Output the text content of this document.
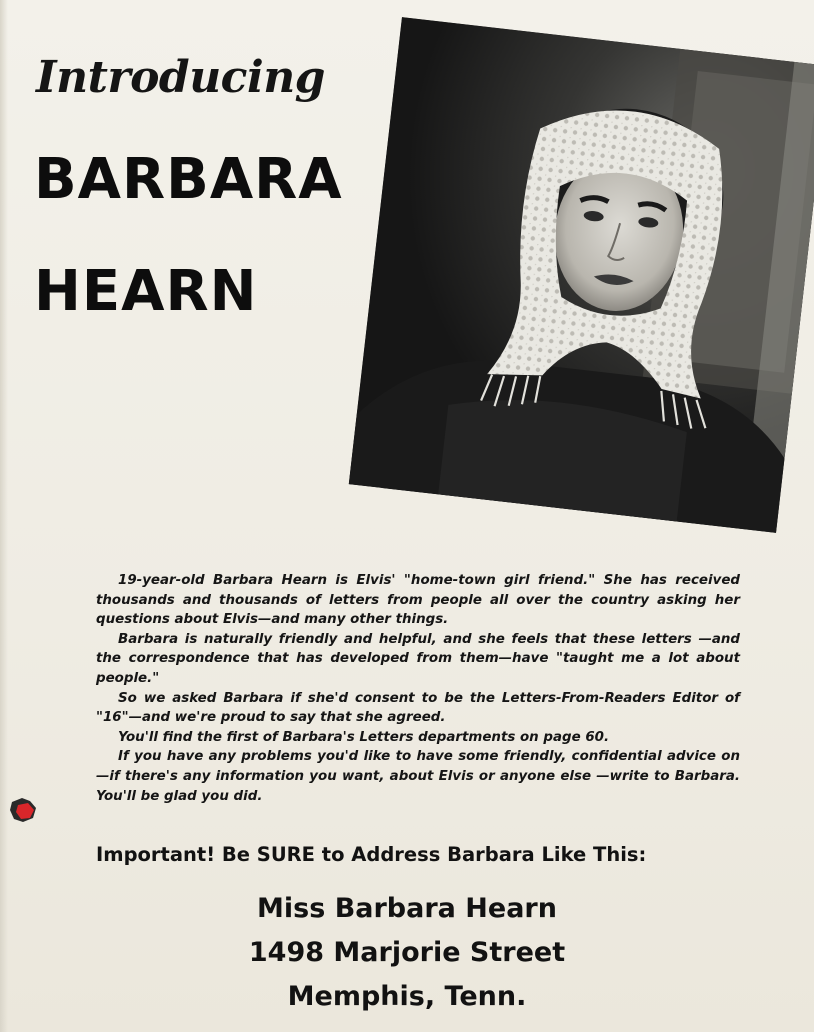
Introducing
BARBARA
HEARN

19-year-old Barbara Hearn is Elvis' "home-town girl friend." She has received thousands and thousands of letters from people all over the country asking her questions about Elvis—and many other things.

Barbara is naturally friendly and helpful, and she feels that these letters —and the correspondence that has developed from them—have "taught me a lot about people."

So we asked Barbara if she'd consent to be the Letters-From-Readers Editor of "16"—and we're proud to say that she agreed.

You'll find the first of Barbara's Letters departments on page 60.

If you have any problems you'd like to have some friendly, confidential advice on—if there's any information you want, about Elvis or anyone else —write to Barbara. You'll be glad you did.

Important! Be SURE to Address Barbara Like This:
Miss Barbara Hearn
1498 Marjorie Street
Memphis, Tenn.
